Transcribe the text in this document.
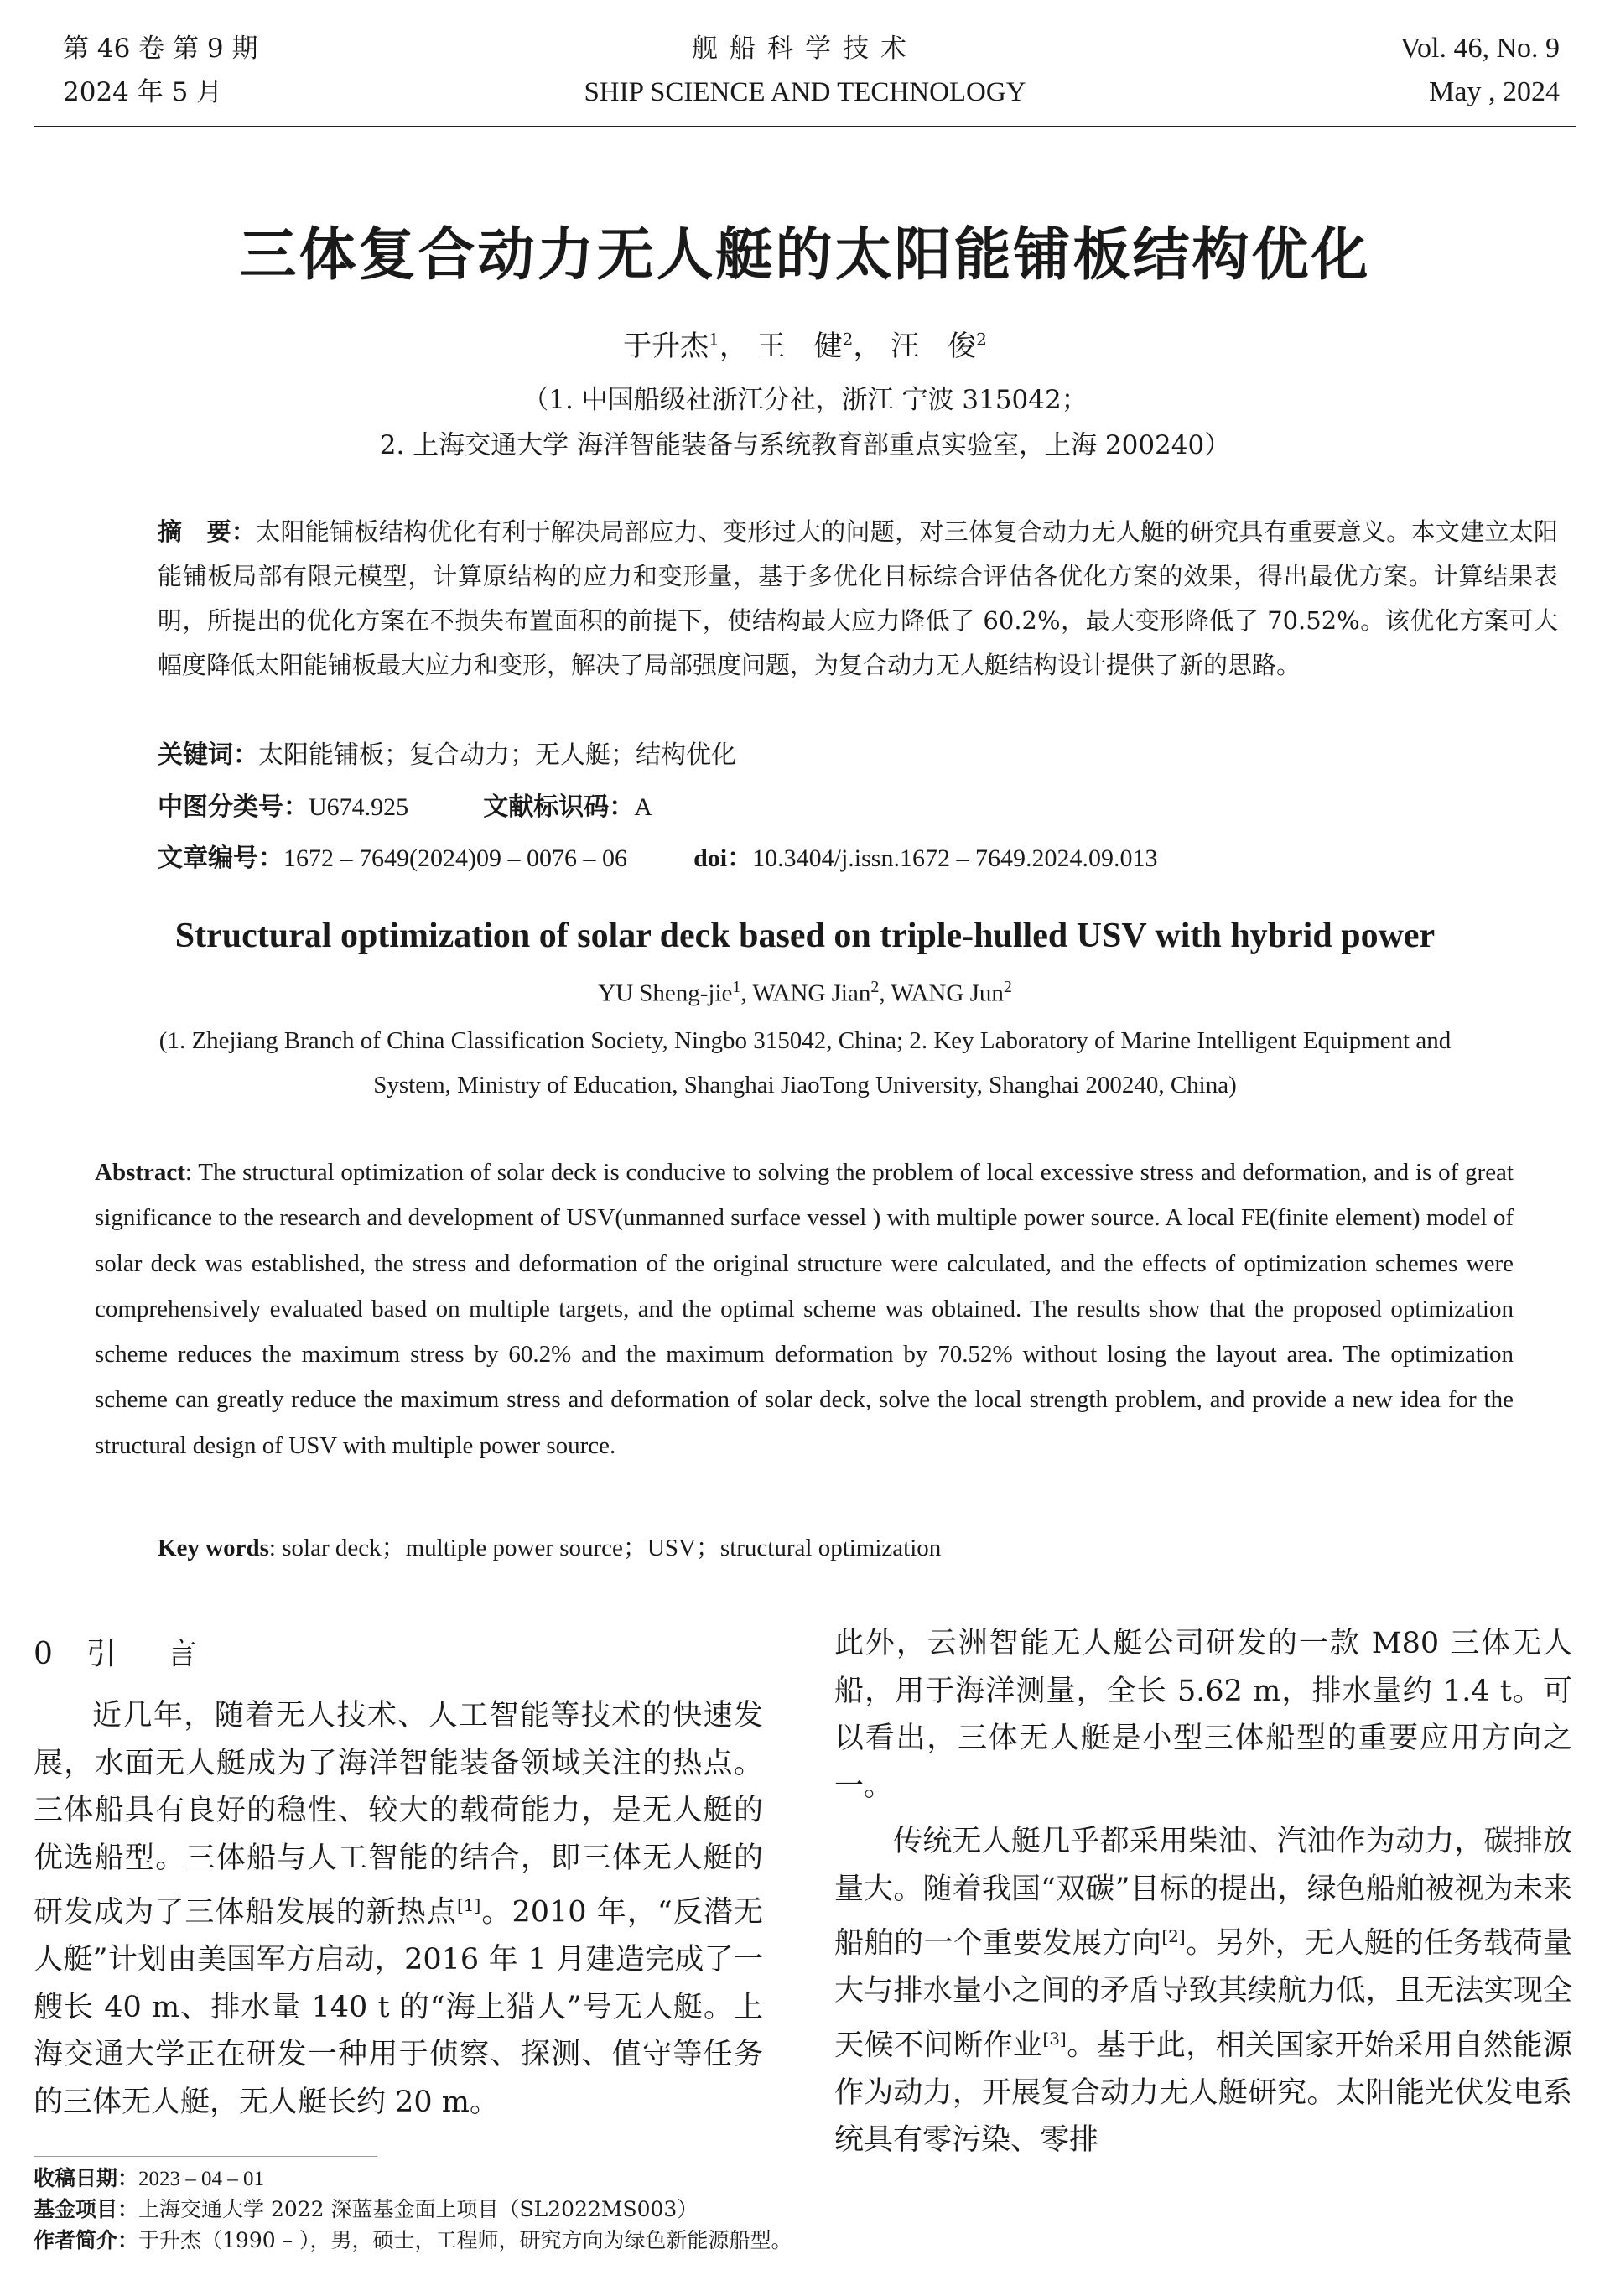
第 46 卷 第 9 期
2024 年 5 月
舰船科学技术
SHIP SCIENCE AND TECHNOLOGY
Vol. 46, No. 9
May , 2024
三体复合动力无人艇的太阳能铺板结构优化
于升杰$^1$， 王　健$^2$， 汪　俊$^2$
（1. 中国船级社浙江分社，浙江 宁波 315042；
2. 上海交通大学 海洋智能装备与系统教育部重点实验室，上海 200240）
摘　要：太阳能铺板结构优化有利于解决局部应力、变形过大的问题，对三体复合动力无人艇的研究具有重要意义。本文建立太阳能铺板局部有限元模型，计算原结构的应力和变形量，基于多优化目标综合评估各优化方案的效果，得出最优方案。计算结果表明，所提出的优化方案在不损失布置面积的前提下，使结构最大应力降低了 60.2%，最大变形降低了 70.52%。该优化方案可大幅度降低太阳能铺板最大应力和变形，解决了局部强度问题，为复合动力无人艇结构设计提供了新的思路。
关键词：太阳能铺板；复合动力；无人艇；结构优化
中图分类号：U674.925	文献标识码：A
文章编号：1672 – 7649(2024)09 – 0076 – 06	doi：10.3404/j.issn.1672 – 7649.2024.09.013
Structural optimization of solar deck based on triple-hulled USV with hybrid power
YU Sheng-jie$^1$, WANG Jian$^2$, WANG Jun$^2$
(1. Zhejiang Branch of China Classification Society, Ningbo 315042, China; 2. Key Laboratory of Marine Intelligent Equipment and
System, Ministry of Education, Shanghai JiaoTong University, Shanghai 200240, China)
Abstract: The structural optimization of solar deck is conducive to solving the problem of local excessive stress and deformation, and is of great significance to the research and development of USV(unmanned surface vessel ) with multiple power source. A local FE(finite element) model of solar deck was established, the stress and deformation of the original structure were calculated, and the effects of optimization schemes were comprehensively evaluated based on multiple targets, and the optimal scheme was obtained. The results show that the proposed optimization scheme reduces the maximum stress by 60.2% and the maximum deformation by 70.52% without losing the layout area. The optimization scheme can greatly reduce the maximum stress and deformation of solar deck, solve the local strength problem, and provide a new idea for the structural design of USV with multiple power source.
Key words: solar deck；multiple power source；USV；structural optimization
0 引　言

近几年，随着无人技术、人工智能等技术的快速发展，水面无人艇成为了海洋智能装备领域关注的热点。三体船具有良好的稳性、较大的载荷能力，是无人艇的优选船型。三体船与人工智能的结合，即三体无人艇的研发成为了三体船发展的新热点[1]。2010 年，“反潜无人艇”计划由美国军方启动，2016 年 1 月建造完成了一艘长 40 m、排水量 140 t 的“海上猎人”号无人艇。上海交通大学正在研发一种用于侦察、探测、值守等任务的三体无人艇，无人艇长约 20 m。

此外，云洲智能无人艇公司研发的一款 M80 三体无人船，用于海洋测量，全长 5.62 m，排水量约 1.4 t。可以看出，三体无人艇是小型三体船型的重要应用方向之一。

传统无人艇几乎都采用柴油、汽油作为动力，碳排放量大。随着我国“双碳”目标的提出，绿色船舶被视为未来船舶的一个重要发展方向[2]。另外，无人艇的任务载荷量大与排水量小之间的矛盾导致其续航力低，且无法实现全天候不间断作业[3]。基于此，相关国家开始采用自然能源作为动力，开展复合动力无人艇研究。太阳能光伏发电系统具有零污染、零排

收稿日期：2023 – 04 – 01
基金项目：上海交通大学 2022 深蓝基金面上项目（SL2022MS003）
作者简介：于升杰（1990 – ），男，硕士，工程师，研究方向为绿色新能源船型。
